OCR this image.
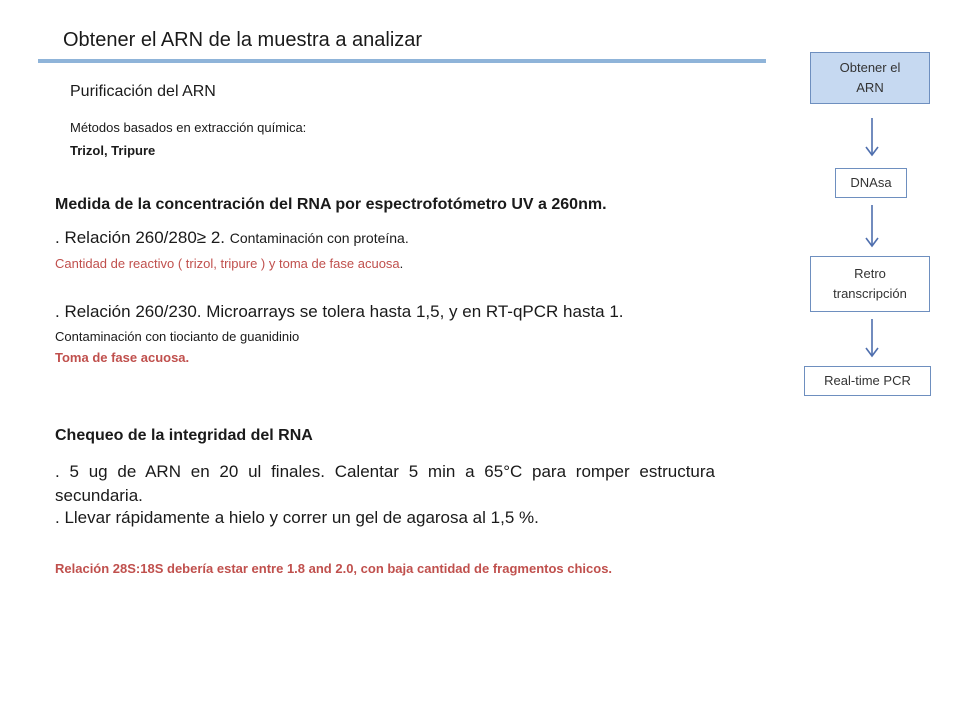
Obtener el ARN de la muestra a analizar
Purificación del ARN
Métodos basados en extracción química:
Trizol, Tripure
Medida de la concentración del RNA por espectrofotómetro UV a 260nm.
. Relación 260/280≥ 2. Contaminación con proteína.
Cantidad de reactivo ( trizol, tripure ) y toma de fase acuosa.
. Relación 260/230. Microarrays se tolera hasta 1,5, y en RT-qPCR hasta 1.
Contaminación con tiocianto de guanidinio
Toma de fase acuosa.
Chequeo de la integridad del RNA
. 5 ug de ARN en 20 ul finales. Calentar 5 min a 65°C para romper estructura secundaria.
. Llevar rápidamente a hielo y correr un gel de agarosa al 1,5 %.
Relación 28S:18S debería estar entre 1.8 and 2.0, con baja cantidad de fragmentos chicos.
Obtener el
ARN
DNAsa
Retro
transcripción
Real-time PCR
